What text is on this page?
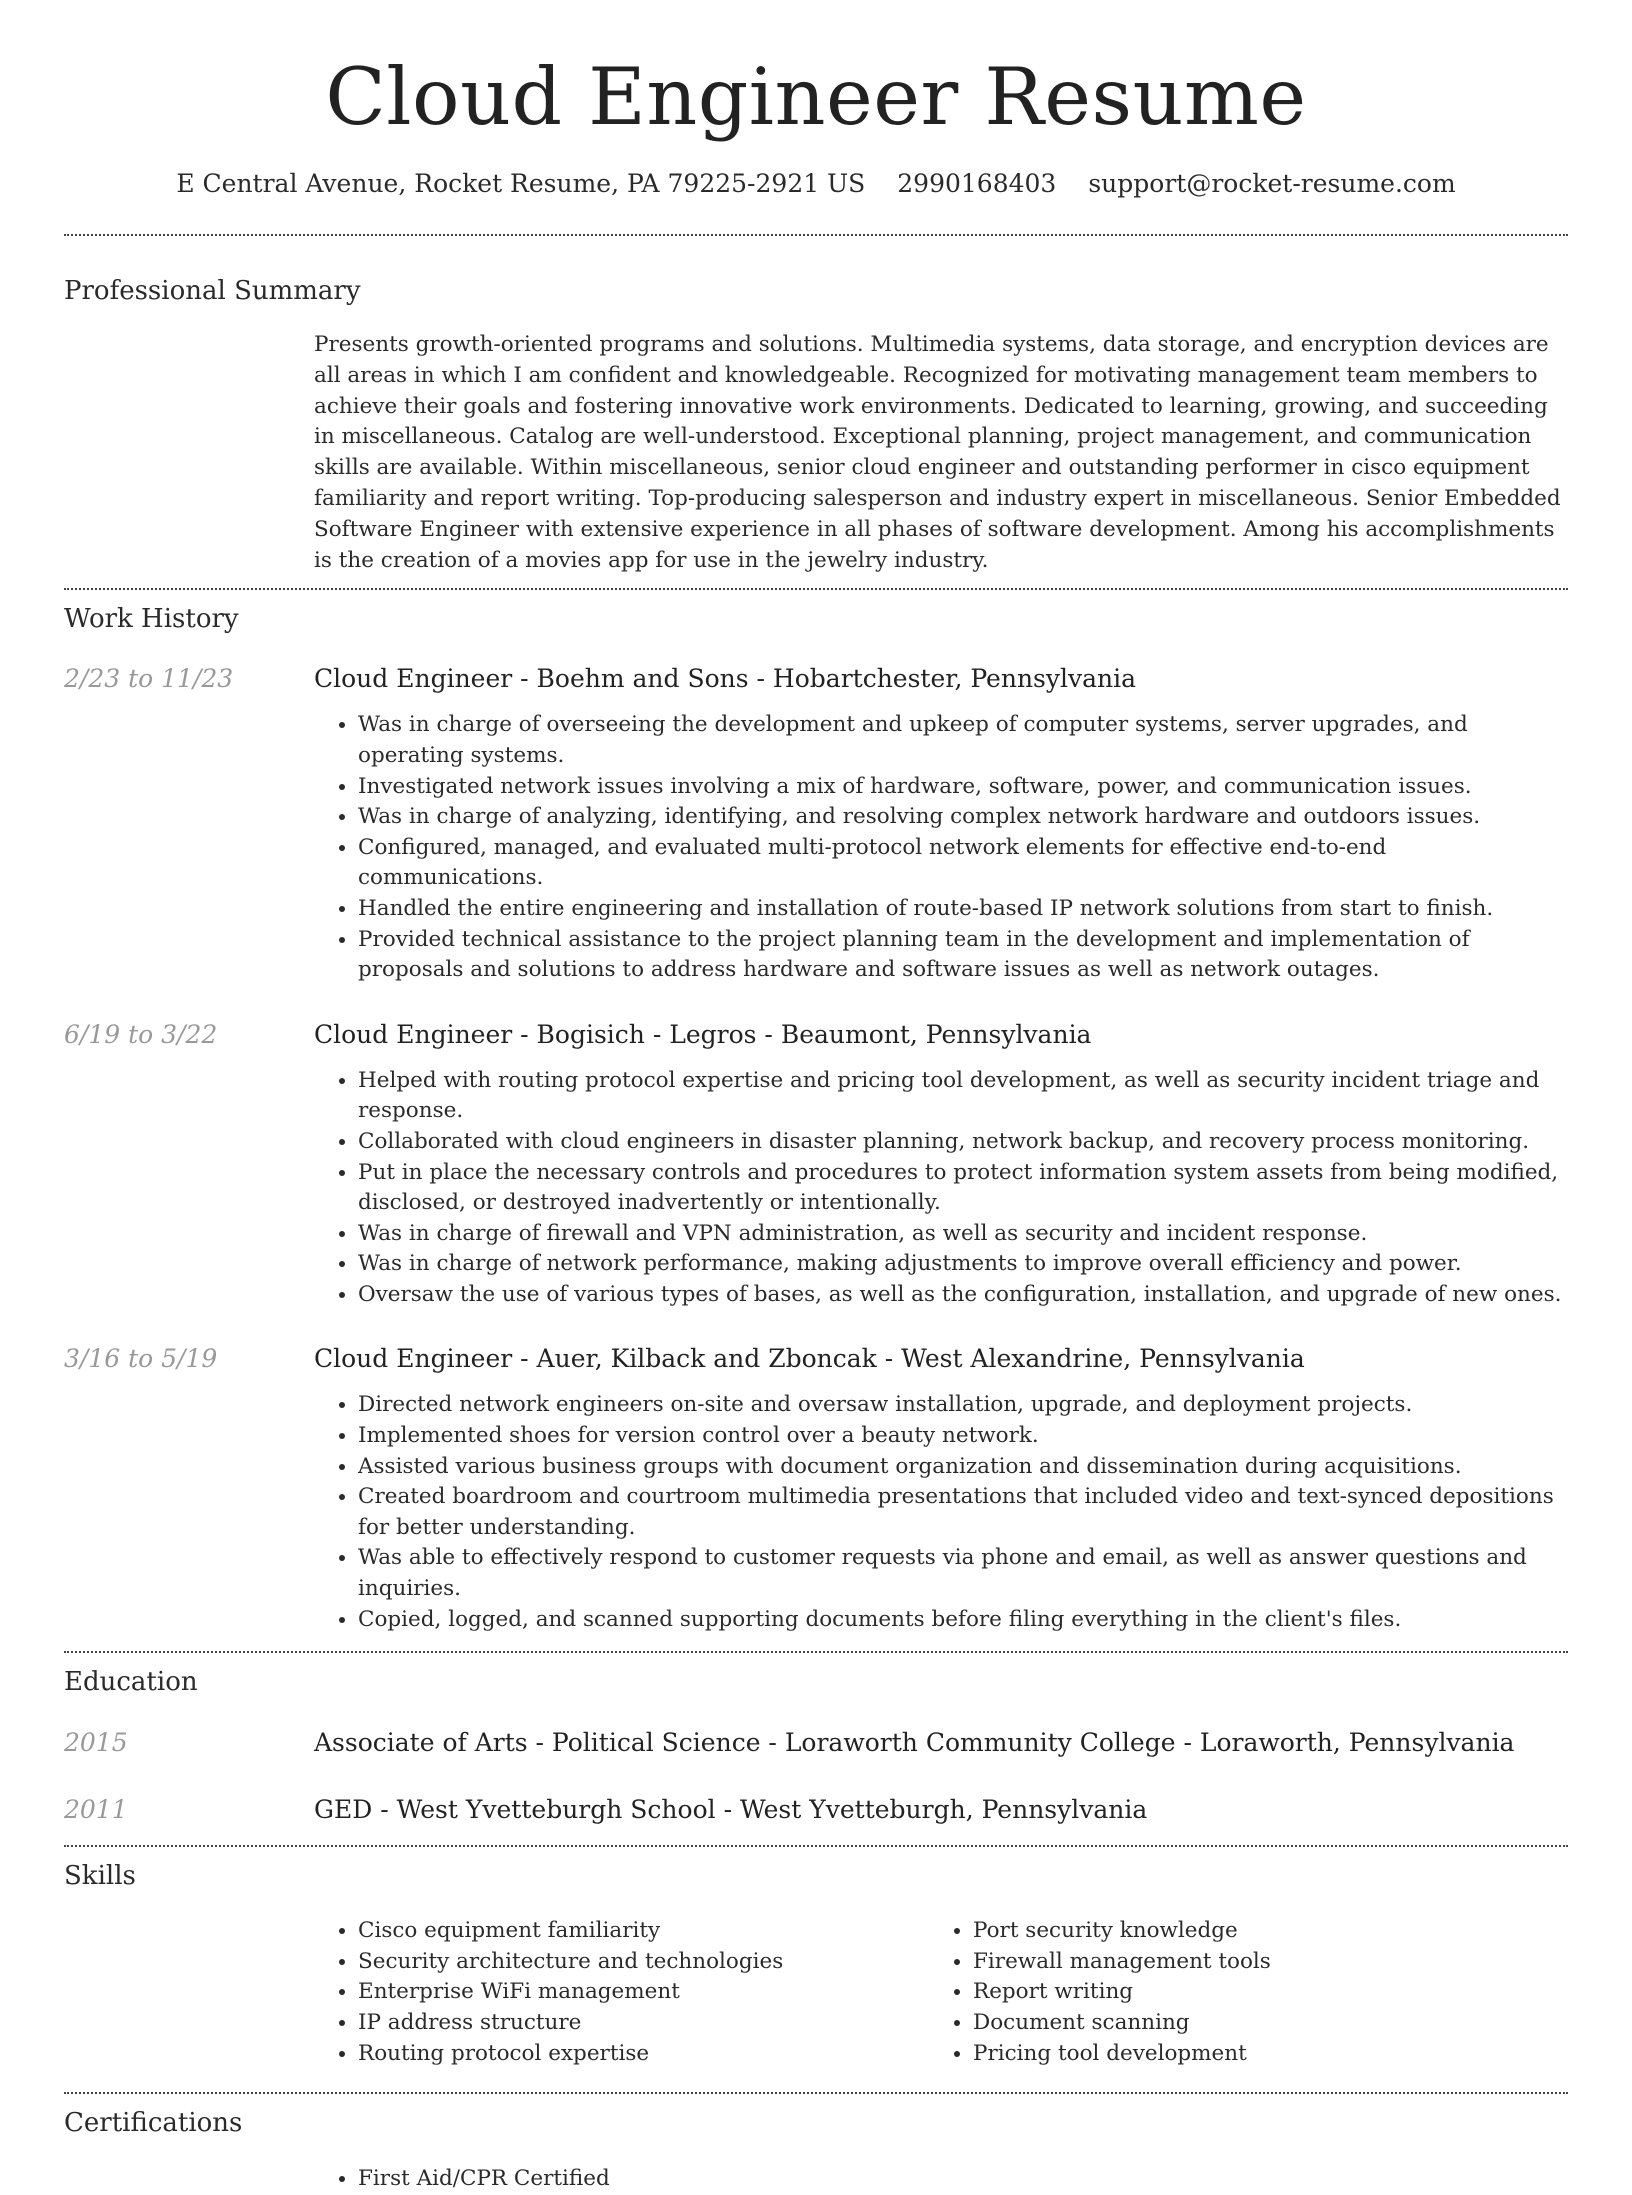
Cloud Engineer Resume
E Central Avenue, Rocket Resume, PA 79225-2921 US 2990168403 support@rocket-resume.com
Professional Summary

Presents growth-oriented programs and solutions. Multimedia systems, data storage, and encryption devices are all areas in which I am confident and knowledgeable. Recognized for motivating management team members to achieve their goals and fostering innovative work environments. Dedicated to learning, growing, and succeeding in miscellaneous. Catalog are well-understood. Exceptional planning, project management, and communication skills are available. Within miscellaneous, senior cloud engineer and outstanding performer in cisco equipment familiarity and report writing. Top-producing salesperson and industry expert in miscellaneous. Senior Embedded Software Engineer with extensive experience in all phases of software development. Among his accomplishments is the creation of a movies app for use in the jewelry industry.

Work History
2/23 to 11/23	Cloud Engineer - Boehm and Sons - Hobartchester, Pennsylvania
• Was in charge of overseeing the development and upkeep of computer systems, server upgrades, and operating systems.
• Investigated network issues involving a mix of hardware, software, power, and communication issues.
• Was in charge of analyzing, identifying, and resolving complex network hardware and outdoors issues.
• Configured, managed, and evaluated multi-protocol network elements for effective end-to-end communications.
• Handled the entire engineering and installation of route-based IP network solutions from start to finish.
• Provided technical assistance to the project planning team in the development and implementation of proposals and solutions to address hardware and software issues as well as network outages.
6/19 to 3/22	Cloud Engineer - Bogisich - Legros - Beaumont, Pennsylvania
• Helped with routing protocol expertise and pricing tool development, as well as security incident triage and response.
• Collaborated with cloud engineers in disaster planning, network backup, and recovery process monitoring.
• Put in place the necessary controls and procedures to protect information system assets from being modified, disclosed, or destroyed inadvertently or intentionally.
• Was in charge of firewall and VPN administration, as well as security and incident response.
• Was in charge of network performance, making adjustments to improve overall efficiency and power.
• Oversaw the use of various types of bases, as well as the configuration, installation, and upgrade of new ones.
3/16 to 5/19	Cloud Engineer - Auer, Kilback and Zboncak - West Alexandrine, Pennsylvania
• Directed network engineers on-site and oversaw installation, upgrade, and deployment projects.
• Implemented shoes for version control over a beauty network.
• Assisted various business groups with document organization and dissemination during acquisitions.
• Created boardroom and courtroom multimedia presentations that included video and text-synced depositions for better understanding.
• Was able to effectively respond to customer requests via phone and email, as well as answer questions and inquiries.
• Copied, logged, and scanned supporting documents before filing everything in the client's files.
Education
2015	Associate of Arts - Political Science - Loraworth Community College - Loraworth, Pennsylvania
2011	GED - West Yvetteburgh School - West Yvetteburgh, Pennsylvania
Skills
• Cisco equipment familiarity
• Security architecture and technologies
• Enterprise WiFi management
• IP address structure
• Routing protocol expertise
• Port security knowledge
• Firewall management tools
• Report writing
• Document scanning
• Pricing tool development
Certifications
• First Aid/CPR Certified
